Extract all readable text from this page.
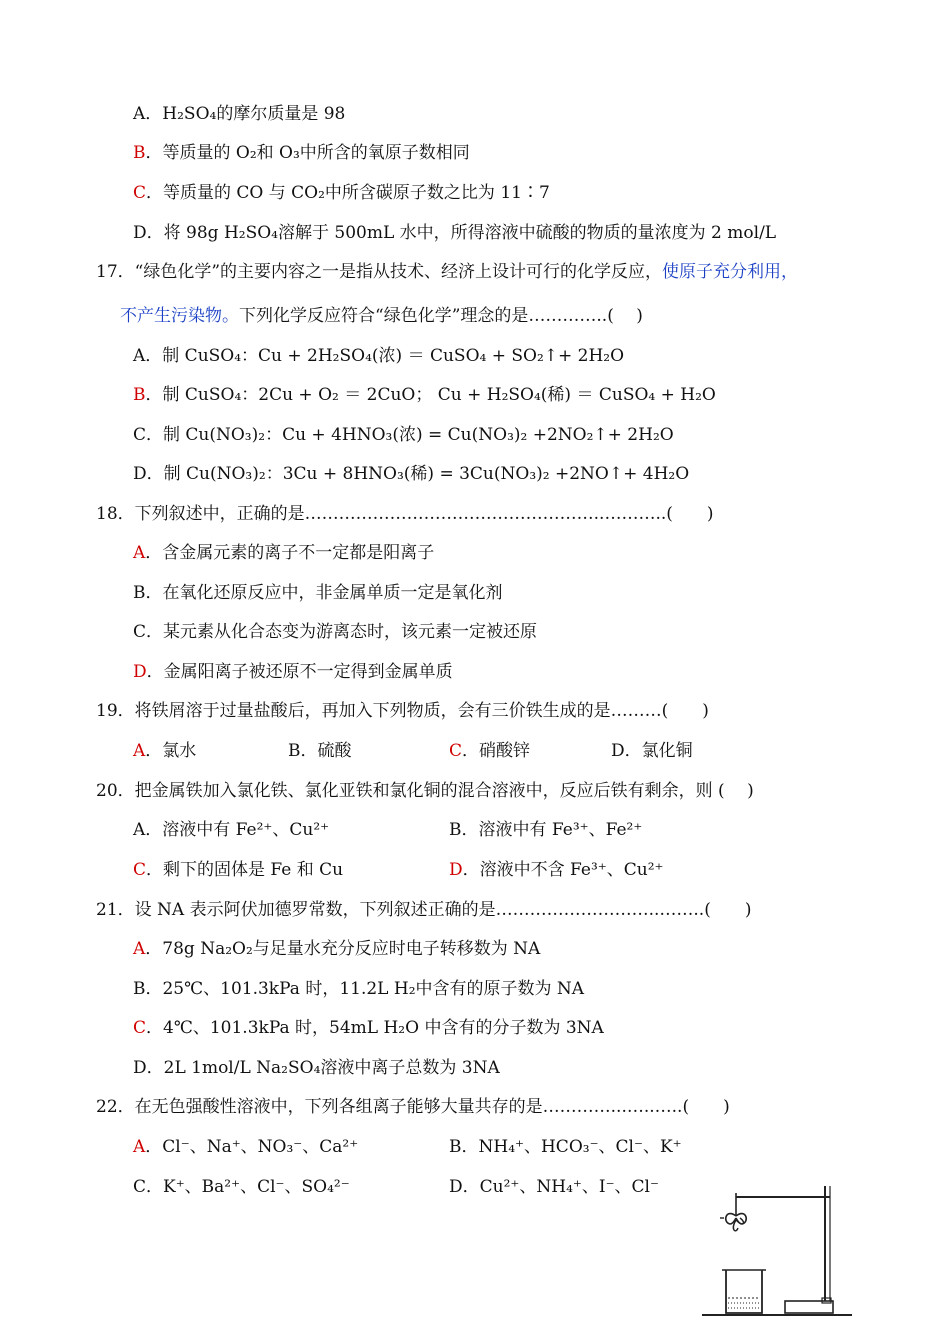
A．H₂SO₄的摩尔质量是 98
B．等质量的 O₂和 O₃中所含的氧原子数相同
C．等质量的 CO 与 CO₂中所含碳原子数之比为 11∶7
D．将 98g H₂SO₄溶解于 500mL 水中，所得溶液中硫酸的物质的量浓度为 2 mol/L
17．“绿色化学”的主要内容之一是指从技术、经济上设计可行的化学反应，使原子充分利用，
不产生污染物。下列化学反应符合“绿色化学”理念的是…………..(　 )
A．制 CuSO₄：Cu + 2H₂SO₄(浓) ＝ CuSO₄ + SO₂↑+ 2H₂O
B．制 CuSO₄：2Cu + O₂ ＝ 2CuO； Cu + H₂SO₄(稀) ＝ CuSO₄ + H₂O
C．制 Cu(NO₃)₂：Cu + 4HNO₃(浓) = Cu(NO₃)₂ +2NO₂↑+ 2H₂O
D．制 Cu(NO₃)₂：3Cu + 8HNO₃(稀) = 3Cu(NO₃)₂ +2NO↑+ 4H₂O
18．下列叙述中，正确的是……………………………………………..………..(　　)
A．含金属元素的离子不一定都是阳离子
B．在氧化还原反应中，非金属单质一定是氧化剂
C．某元素从化合态变为游离态时，该元素一定被还原
D．金属阳离子被还原不一定得到金属单质
19．将铁屑溶于过量盐酸后，再加入下列物质，会有三价铁生成的是………(　　)
A．氯水	B．硫酸	C．硝酸锌	D．氯化铜
20．把金属铁加入氯化铁、氯化亚铁和氯化铜的混合溶液中，反应后铁有剩余，则 (　 )
A．溶液中有 Fe²⁺、Cu²⁺	B．溶液中有 Fe³⁺、Fe²⁺
C．剩下的固体是 Fe 和 Cu	D．溶液中不含 Fe³⁺、Cu²⁺
21．设 NA 表示阿伏加德罗常数，下列叙述正确的是………………………..……..(　　)
A．78g Na₂O₂与足量水充分反应时电子转移数为 NA
B．25℃、101.3kPa 时，11.2L H₂中含有的原子数为 NA
C．4℃、101.3kPa 时，54mL H₂O 中含有的分子数为 3NA
D．2L 1mol/L Na₂SO₄溶液中离子总数为 3NA
22．在无色强酸性溶液中，下列各组离子能够大量共存的是…………...…..…..(　　)
A．Cl⁻、Na⁺、NO₃⁻、Ca²⁺	B．NH₄⁺、HCO₃⁻、Cl⁻、K⁺
C．K⁺、Ba²⁺、Cl⁻、SO₄²⁻	D．Cu²⁺、NH₄⁺、I⁻、Cl⁻
